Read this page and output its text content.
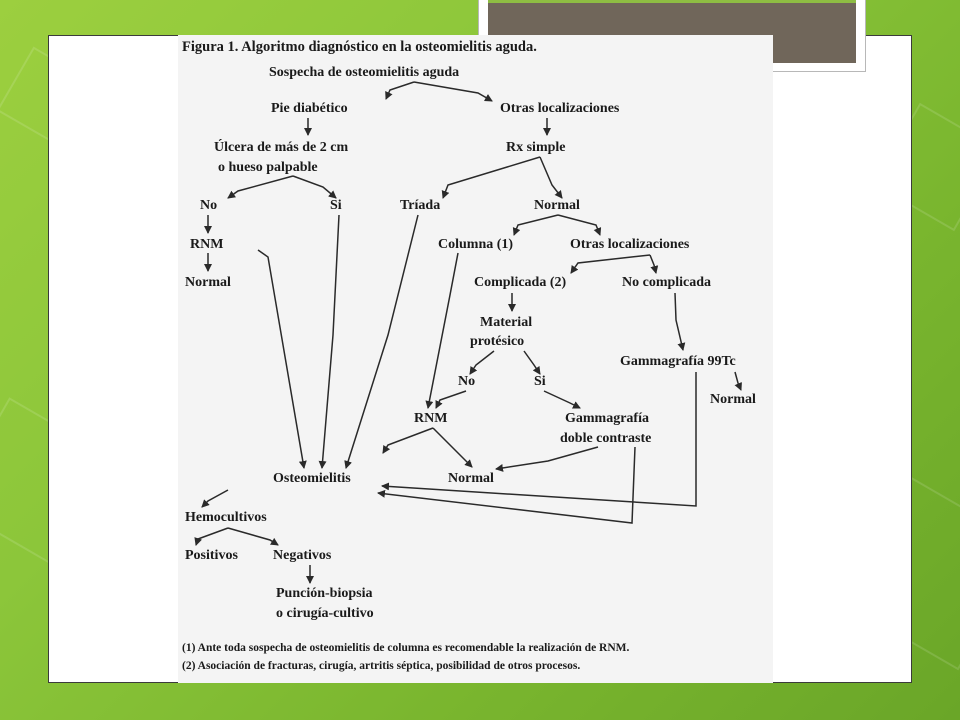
Figura 1. Algoritmo diagnóstico en la osteomielitis aguda.
Sospecha de osteomielitis aguda
Pie diabético	Otras localizaciones
Úlcera de más de 2 cm
o hueso palpable
Rx simple
No	Si	Tríada	Normal
RNM	Columna (1)	Otras localizaciones
Normal	Complicada (2)	No complicada
Material
protésico
No	Si
Gammagrafía 99Tc
Normal
RNM	Gammagrafía
doble contraste
Osteomielitis	Normal
Hemocultivos
Positivos	Negativos
Punción-biopsia
o cirugía-cultivo
(1) Ante toda sospecha de osteomielitis de columna es recomendable la realización de RNM.
(2) Asociación de fracturas, cirugía, artritis séptica, posibilidad de otros procesos.
